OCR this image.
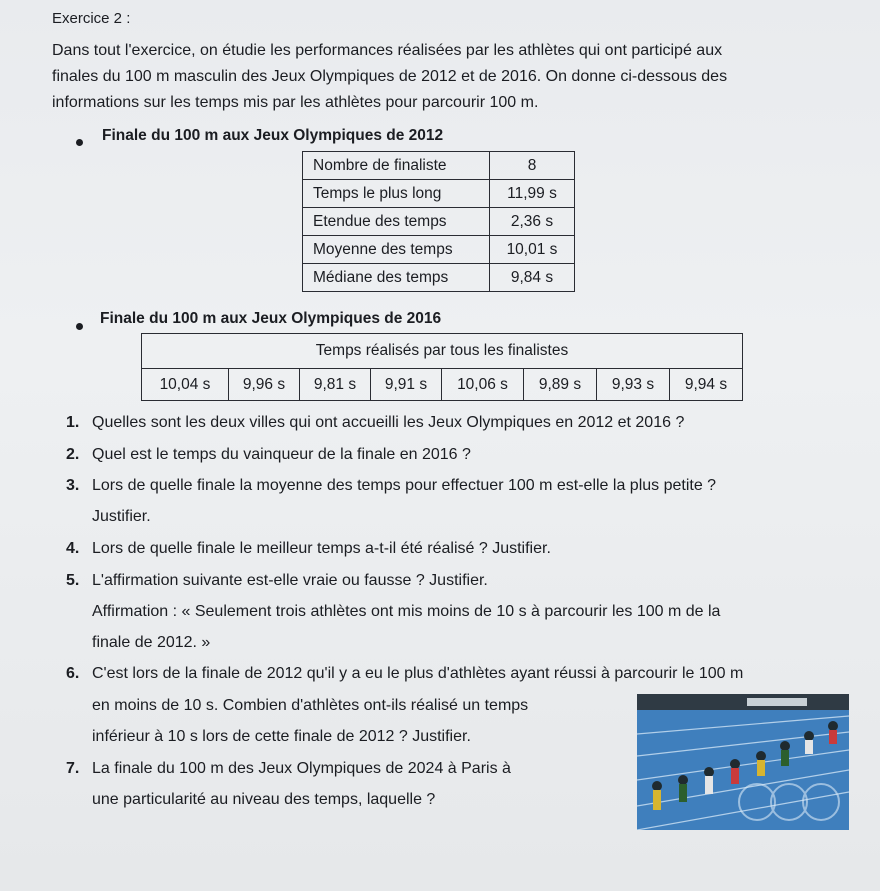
Exercice 2 :
Dans tout l'exercice, on étudie les performances réalisées par les athlètes qui ont participé aux
finales du 100 m masculin des Jeux Olympiques de 2012 et de 2016. On donne ci-dessous des
informations sur les temps mis par les athlètes pour parcourir 100 m.
Finale du 100 m aux Jeux Olympiques de 2012
Nombre de finaliste	8
Temps le plus long	11,99 s
Etendue des temps	2,36 s
Moyenne des temps	10,01 s
Médiane des temps	9,84 s
Finale du 100 m aux Jeux Olympiques de 2016
Temps réalisés par tous les finalistes
10,04 s	9,96 s	9,81 s	9,91 s	10,06 s	9,89 s	9,93 s	9,94 s
1. Quelles sont les deux villes qui ont accueilli les Jeux Olympiques en 2012 et 2016 ?
2. Quel est le temps du vainqueur de la finale en 2016 ?
3. Lors de quelle finale la moyenne des temps pour effectuer 100 m est-elle la plus petite ?
Justifier.
4. Lors de quelle finale le meilleur temps a-t-il été réalisé ? Justifier.
5. L'affirmation suivante est-elle vraie ou fausse ? Justifier.
Affirmation : « Seulement trois athlètes ont mis moins de 10 s à parcourir les 100 m de la
finale de 2012. »
6. C'est lors de la finale de 2012 qu'il y a eu le plus d'athlètes ayant réussi à parcourir le 100 m
en moins de 10 s. Combien d'athlètes ont-ils réalisé un temps
inférieur à 10 s lors de cette finale de 2012 ? Justifier.
7. La finale du 100 m des Jeux Olympiques de 2024 à Paris à
une particularité au niveau des temps, laquelle ?
